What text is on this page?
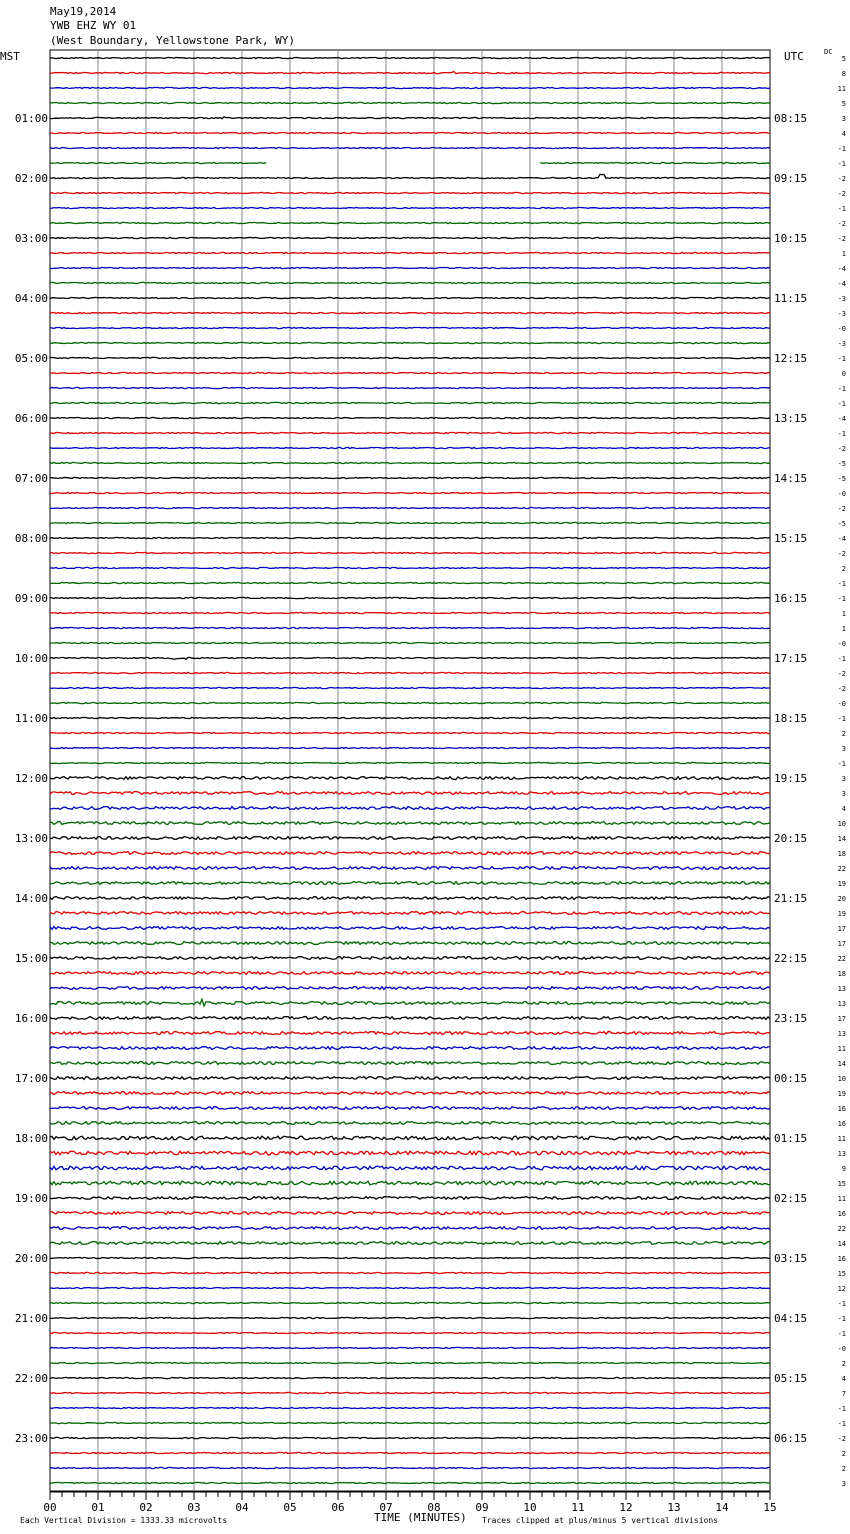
May19,2014
YWB EHZ WY 01
(West Boundary, Yellowstone Park, WY)
MST	UTC	DC
5
8
11
5
3
4
-1
-1
-2
-2
-1
-2
-2
1
-4
-4
-3
-3
-0
-3
-1
0
-1
-1
-4
-1
-2
-5
-5
-0
-2
-5
-4
-2
2
-1
-1
1
1
-0
-1
-2
-2
-0
-1
2
3
-1
3
3
4
10
14
18
22
19
20
19
17
17
22
18
13
13
17
13
11
14
10
19
16
16
11
13
9
15
11
16
22
14
16
15
12
-1
-1
-1
-0
2
4
7
-1
-1
-2
2
2
3
01:00
02:00
03:00
04:00
05:00
06:00
07:00
08:00
09:00
10:00
11:00
12:00
13:00
14:00
15:00
16:00
17:00
18:00
19:00
20:00
21:00
22:00
23:00
08:15
09:15
10:15
11:15
12:15
13:15
14:15
15:15
16:15
17:15
18:15
19:15
20:15
21:15
22:15
23:15
00:15
01:15
02:15
03:15
04:15
05:15
06:15
00	01	02	03	04	05	06	07	08	09	10	11	12	13	14	15
TIME (MINUTES)
Each Vertical Division = 1333.33 microvolts	Traces clipped at plus/minus 5 vertical divisions
